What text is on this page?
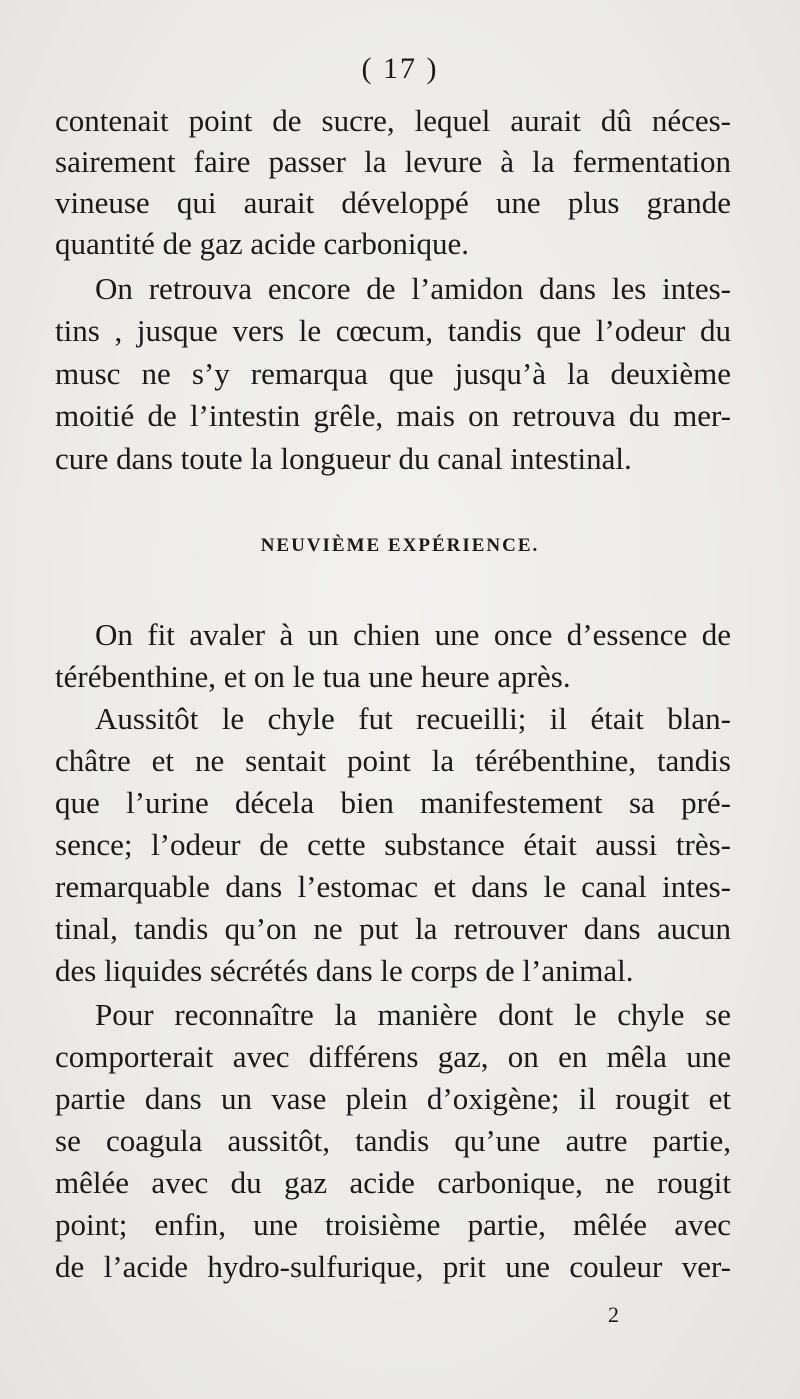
( 17 )
contenait point de sucre, lequel aurait dû néces-
sairement faire passer la levure à la fermentation
vineuse qui aurait développé une plus grande
quantité de gaz acide carbonique.
On retrouva encore de l’amidon dans les intes-
tins , jusque vers le cœcum, tandis que l’odeur du
musc ne s’y remarqua que jusqu’à la deuxième
moitié de l’intestin grêle, mais on retrouva du mer-
cure dans toute la longueur du canal intestinal.
NEUVIÈME EXPÉRIENCE.
On fit avaler à un chien une once d’essence de
térébenthine, et on le tua une heure après.
Aussitôt le chyle fut recueilli; il était blan-
châtre et ne sentait point la térébenthine, tandis
que l’urine décela bien manifestement sa pré-
sence; l’odeur de cette substance était aussi très-
remarquable dans l’estomac et dans le canal intes-
tinal, tandis qu’on ne put la retrouver dans aucun
des liquides sécrétés dans le corps de l’animal.
Pour reconnaître la manière dont le chyle se
comporterait avec différens gaz, on en mêla une
partie dans un vase plein d’oxigène; il rougit et
se coagula aussitôt, tandis qu’une autre partie,
mêlée avec du gaz acide carbonique, ne rougit
point; enfin, une troisième partie, mêlée avec
de l’acide hydro-sulfurique, prit une couleur ver-
2
